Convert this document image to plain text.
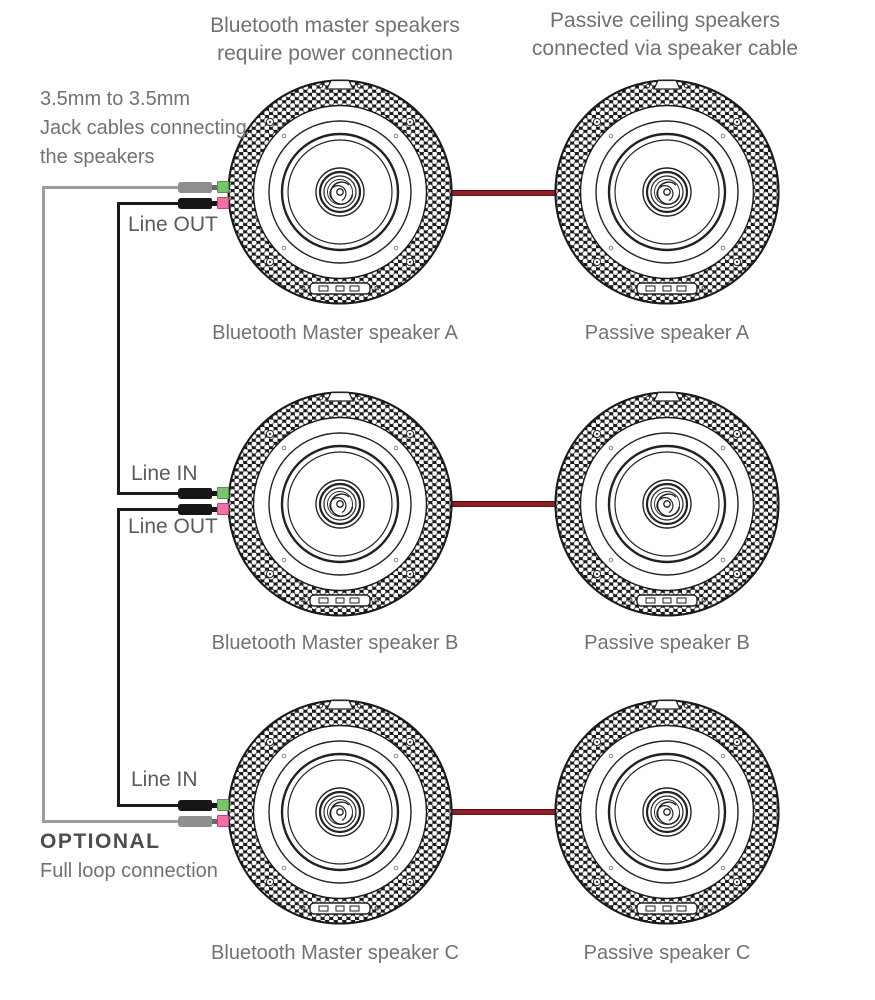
Bluetooth master speakers
require power connection
Passive ceiling speakers
connected via speaker cable
3.5mm to 3.5mm
Jack cables connecting
the speakers
Line OUT
Line IN
Line OUT
Line IN
OPTIONAL
Full loop connection
Bluetooth Master speaker A	Passive speaker A
Bluetooth Master speaker B	Passive speaker B
Bluetooth Master speaker C	Passive speaker C
